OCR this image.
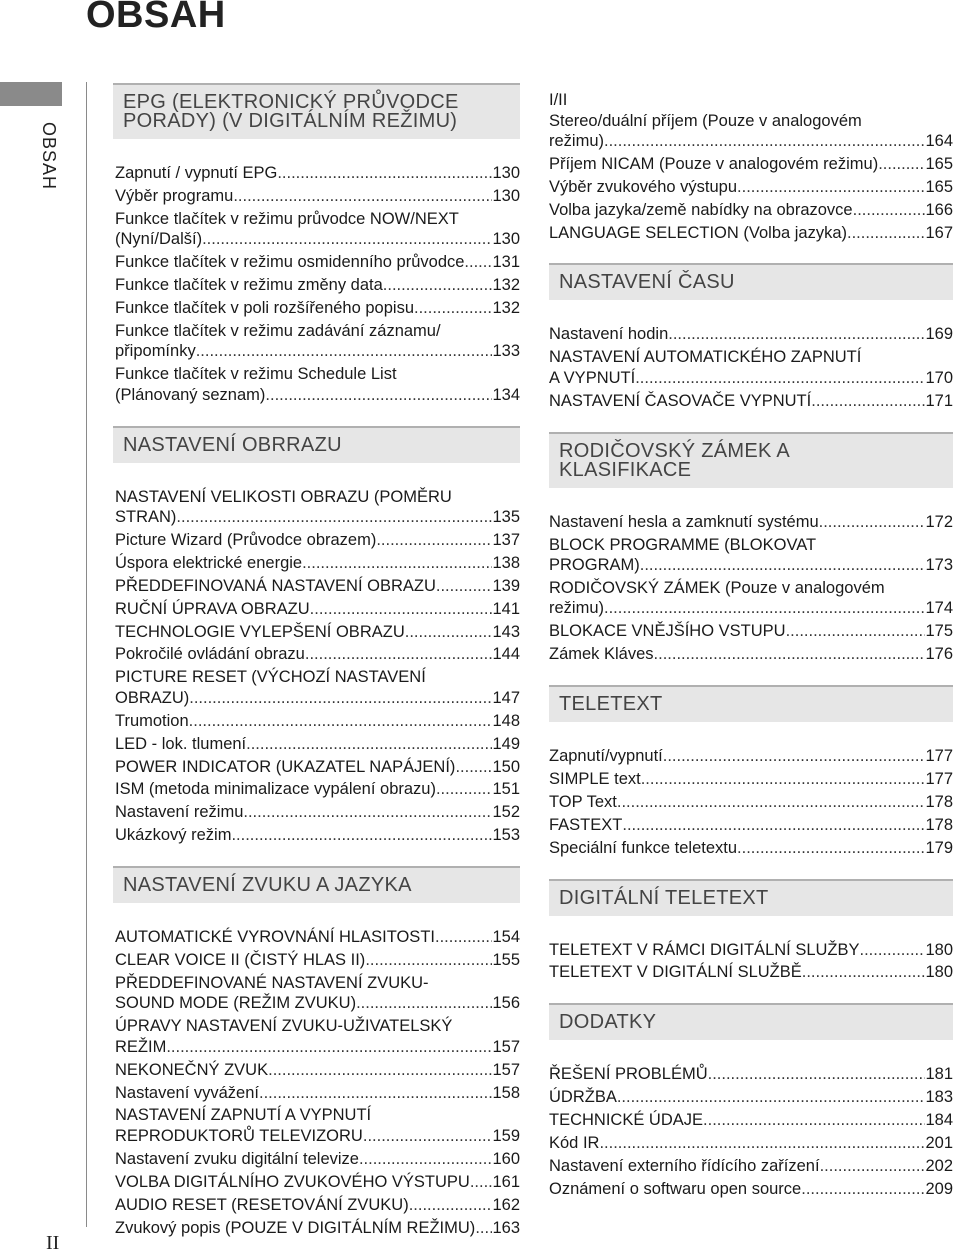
OBSAH
OBSAH
II
EPG (ELEKTRONICKÝ PRŮVODCE
PORADY) (V DIGITÁLNÍM REŽIMU)
Zapnutí / vypnutí EPG .....	130
Výběr programu .....	130
Funkce tlačítek v režimu průvodce NOW/NEXT
(Nyní/Další) .....	130
Funkce tlačítek v režimu osmidenního průvodce ..... 131
Funkce tlačítek v režimu změny data .....	132
Funkce tlačítek v poli rozšířeného popisu .....	132
Funkce tlačítek v režimu zadávání záznamu/
připomínky .....	133
Funkce tlačítek v režimu Schedule List
(Plánovaný seznam) .....	134
NASTAVENÍ OBRRAZU
NASTAVENÍ VELIKOSTI OBRAZU (POMĚRU
STRAN) .....	135
Picture Wizard (Průvodce obrazem) .....	137
Úspora elektrické energie .....	138
PŘEDDEFINOVANÁ NASTAVENÍ OBRAZU .....	139
RUČNÍ ÚPRAVA OBRAZU .....	141
TECHNOLOGIE VYLEPŠENÍ OBRAZU .....	143
Pokročilé ovládání obrazu .....	144
PICTURE RESET (VÝCHOZÍ NASTAVENÍ
OBRAZU) .....	147
Trumotion .....	148
LED - lok. tlumení .....	149
POWER INDICATOR (UKAZATEL NAPÁJENÍ) ..... 150
ISM (metoda minimalizace vypálení obrazu) .....	151
Nastavení režimu .....	152
Ukázkový režim .....	153
NASTAVENÍ ZVUKU A JAZYKA
AUTOMATICKÉ VYROVNÁNÍ HLASITOSTI .....	154
CLEAR VOICE II (ČISTÝ HLAS II) .....	155
PŘEDDEFINOVANÉ NASTAVENÍ ZVUKU-
SOUND MODE (REŽIM ZVUKU) .....	156
ÚPRAVY NASTAVENÍ ZVUKU-UŽIVATELSKÝ
REŽIM .....	157
NEKONEČNÝ ZVUK .....	157
Nastavení vyvážení .....	158
NASTAVENÍ ZAPNUTÍ A VYPNUTÍ
REPRODUKTORŮ TELEVIZORU .....	159
Nastavení zvuku digitální televize .....	160
VOLBA DIGITÁLNÍHO ZVUKOVÉHO VÝSTUPU ..... 161
AUDIO RESET (RESETOVÁNÍ ZVUKU) .....	162
Zvukový popis (POUZE V DIGITÁLNÍM REŽIMU) ..... 163
I/II
Stereo/duální příjem (Pouze v analogovém
režimu) .....	164
Příjem NICAM (Pouze v analogovém režimu) .....	165
Výběr zvukového výstupu .....	165
Volba jazyka/země nabídky na obrazovce .....	166
LANGUAGE SELECTION (Volba jazyka) .....	167
NASTAVENÍ ČASU
Nastavení hodin .....	169
NASTAVENÍ AUTOMATICKÉHO ZAPNUTÍ
A VYPNUTÍ .....	170
NASTAVENÍ ČASOVAČE VYPNUTÍ .....	171
RODIČOVSKÝ ZÁMEK A
KLASIFIKACE
Nastavení hesla a zamknutí systému .....	172
BLOCK PROGRAMME (BLOKOVAT
PROGRAM) .....	173
RODIČOVSKÝ ZÁMEK (Pouze v analogovém
režimu) .....	174
BLOKACE VNĚJŠÍHO VSTUPU .....	175
Zámek Kláves .....	176
TELETEXT
Zapnutí/vypnutí .....	177
SIMPLE text .....	177
TOP Text .....	178
FASTEXT .....	178
Speciální funkce teletextu .....	179
DIGITÁLNÍ TELETEXT
TELETEXT V RÁMCI DIGITÁLNÍ SLUŽBY .....	180
TELETEXT V DIGITÁLNÍ SLUŽBĚ .....	180
DODATKY
ŘEŠENÍ PROBLÉMŮ .....	181
ÚDRŽBA .....	183
TECHNICKÉ ÚDAJE .....	184
Kód IR .....	201
Nastavení externího řídícího zařízení .....	202
Oznámení o softwaru open source .....	209
